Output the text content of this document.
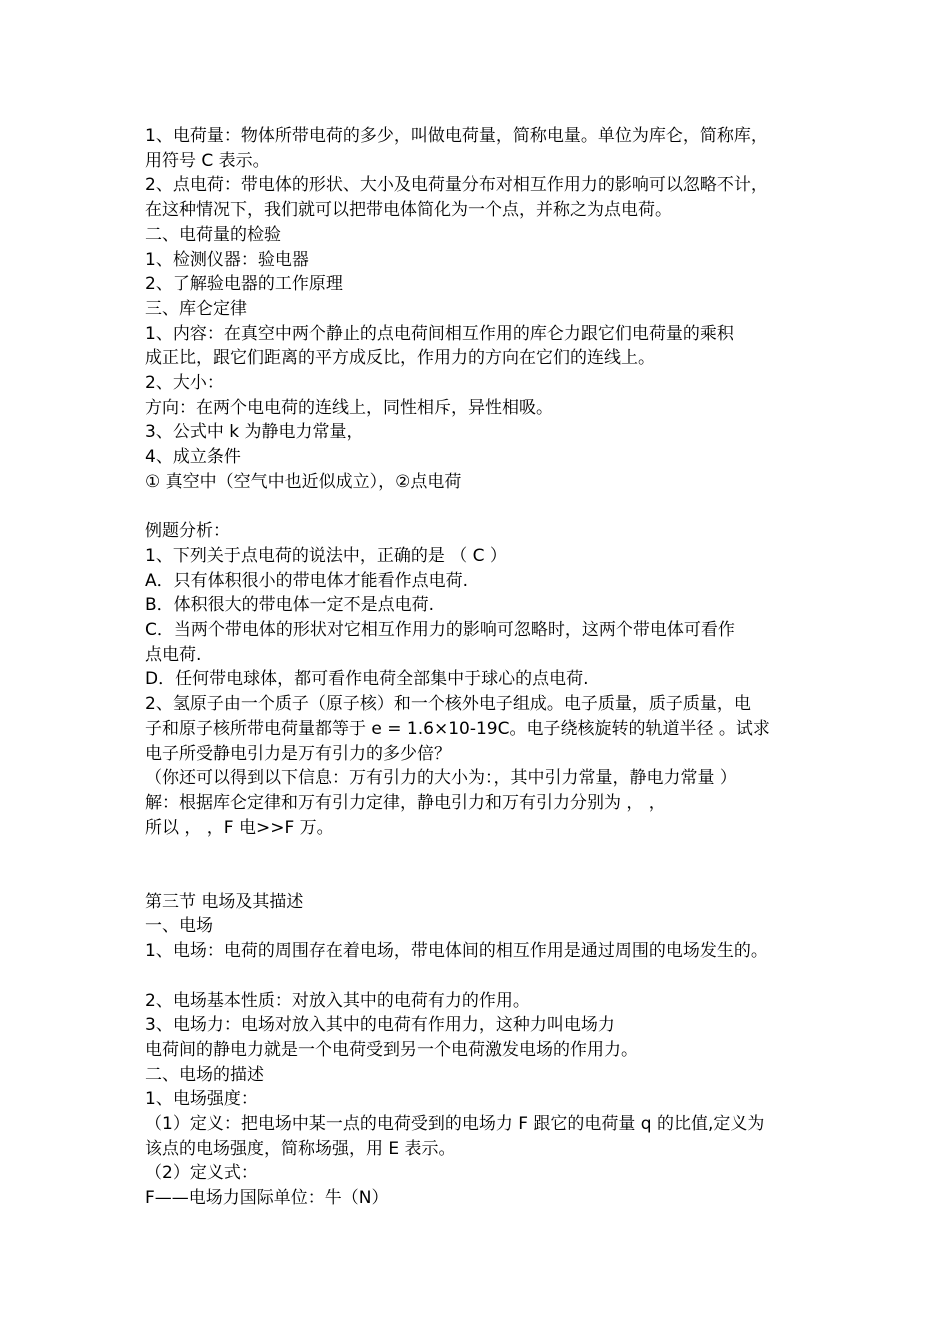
1、电荷量：物体所带电荷的多少，叫做电荷量，简称电量。单位为库仑，简称库，
用符号 C 表示。
2、点电荷：带电体的形状、大小及电荷量分布对相互作用力的影响可以忽略不计，
在这种情况下，我们就可以把带电体简化为一个点，并称之为点电荷。
二、电荷量的检验
1、检测仪器：验电器
2、了解验电器的工作原理
三、库仑定律
1、内容：在真空中两个静止的点电荷间相互作用的库仑力跟它们电荷量的乘积
成正比，跟它们距离的平方成反比，作用力的方向在它们的连线上。
2、大小：
方向：在两个电电荷的连线上，同性相斥，异性相吸。
3、公式中 k 为静电力常量，
4、成立条件
① 真空中（空气中也近似成立），②点电荷
例题分析：
1、下列关于点电荷的说法中，正确的是 （ C ）
A．只有体积很小的带电体才能看作点电荷.
B．体积很大的带电体一定不是点电荷.
C．当两个带电体的形状对它相互作用力的影响可忽略时，这两个带电体可看作
点电荷.
D．任何带电球体，都可看作电荷全部集中于球心的点电荷.
2、氢原子由一个质子（原子核）和一个核外电子组成。电子质量，质子质量，电
子和原子核所带电荷量都等于 e = 1.6×10-19C。电子绕核旋转的轨道半径 。试求
电子所受静电引力是万有引力的多少倍？
（你还可以得到以下信息：万有引力的大小为：，其中引力常量，静电力常量 ）
解：根据库仑定律和万有引力定律，静电引力和万有引力分别为 ， ，
所以 ， ，F 电>>F 万。
第三节 电场及其描述
一、电场
1、电场：电荷的周围存在着电场，带电体间的相互作用是通过周围的电场发生的。
2、电场基本性质：对放入其中的电荷有力的作用。
3、电场力：电场对放入其中的电荷有作用力，这种力叫电场力
电荷间的静电力就是一个电荷受到另一个电荷激发电场的作用力。
二、电场的描述
1、电场强度：
（1）定义：把电场中某一点的电荷受到的电场力 F 跟它的电荷量 q 的比值,定义为
该点的电场强度，简称场强，用 E 表示。
（2）定义式：
F——电场力国际单位：牛（N）
